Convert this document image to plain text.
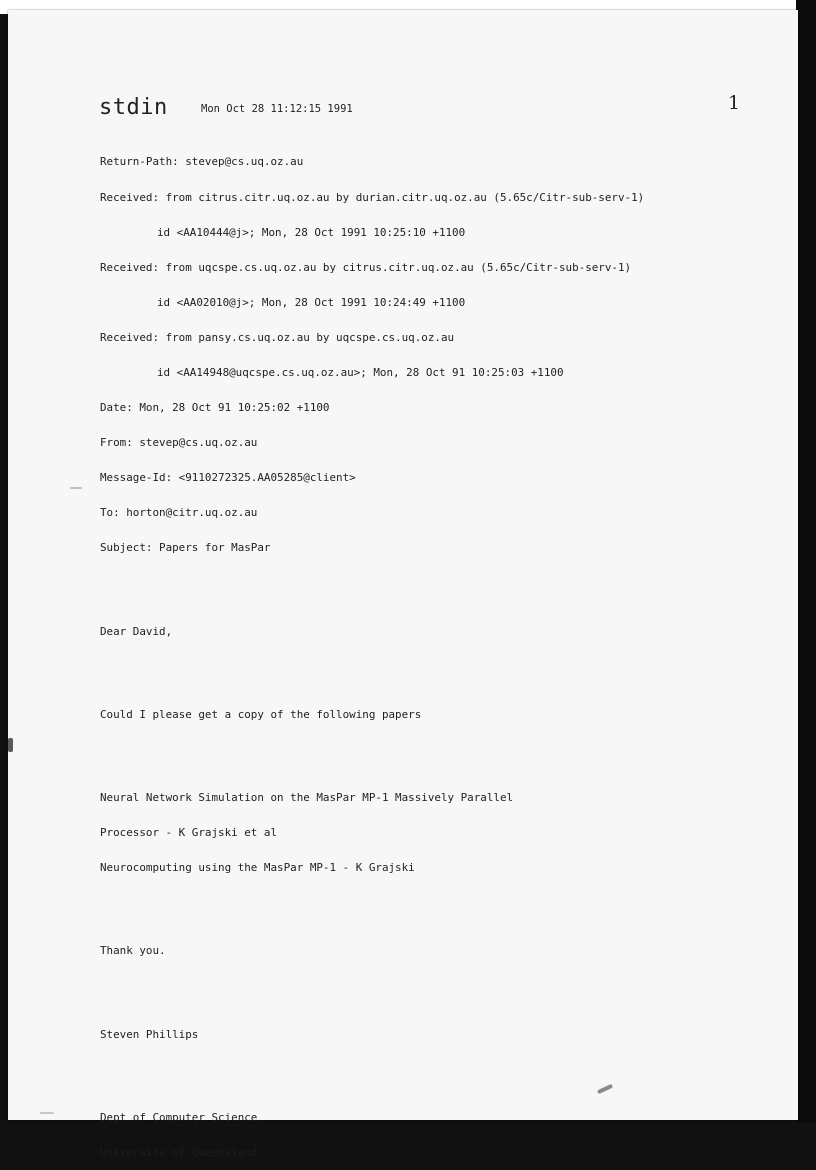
stdin	Mon Oct 28 11:12:15 1991	1

Return-Path: stevep@cs.uq.oz.au

Received: from citrus.citr.uq.oz.au by durian.citr.uq.oz.au (5.65c/Citr-sub-serv-1)

id <AA10444@j>; Mon, 28 Oct 1991 10:25:10 +1100

Received: from uqcspe.cs.uq.oz.au by citrus.citr.uq.oz.au (5.65c/Citr-sub-serv-1)

id <AA02010@j>; Mon, 28 Oct 1991 10:24:49 +1100

Received: from pansy.cs.uq.oz.au by uqcspe.cs.uq.oz.au

id <AA14948@uqcspe.cs.uq.oz.au>; Mon, 28 Oct 91 10:25:03 +1100

Date: Mon, 28 Oct 91 10:25:02 +1100

From: stevep@cs.uq.oz.au

Message-Id: <9110272325.AA05285@client>

To: horton@citr.uq.oz.au

Subject: Papers for MasPar

Dear David,

Could I please get a copy of the following papers

Neural Network Simulation on the MasPar MP-1 Massively Parallel

Processor - K Grajski et al

Neurocomputing using the MasPar MP-1 - K Grajski

Thank you.

Steven Phillips

Dept of Computer Science

University of Queensland
